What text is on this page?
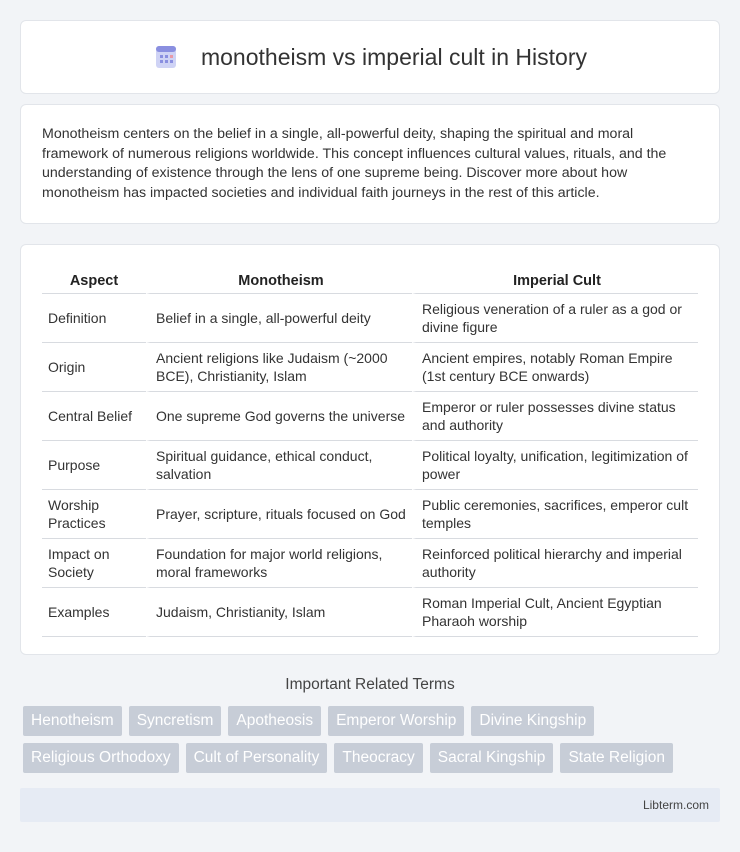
monotheism vs imperial cult in History

Monotheism centers on the belief in a single, all-powerful deity, shaping the spiritual and moral framework of numerous religions worldwide. This concept influences cultural values, rituals, and the understanding of existence through the lens of one supreme being. Discover more about how monotheism has impacted societies and individual faith journeys in the rest of this article.

Aspect	Monotheism	Imperial Cult
Definition	Belief in a single, all-powerful deity	Religious veneration of a ruler as a god or divine figure
Origin	Ancient religions like Judaism (~2000 BCE), Christianity, Islam	Ancient empires, notably Roman Empire (1st century BCE onwards)
Central Belief	One supreme God governs the universe	Emperor or ruler possesses divine status and authority
Purpose	Spiritual guidance, ethical conduct, salvation	Political loyalty, unification, legitimization of power
Worship Practices	Prayer, scripture, rituals focused on God	Public ceremonies, sacrifices, emperor cult temples
Impact on Society	Foundation for major world religions, moral frameworks	Reinforced political hierarchy and imperial authority
Examples	Judaism, Christianity, Islam	Roman Imperial Cult, Ancient Egyptian Pharaoh worship
Important Related Terms
Henotheism	Syncretism	Apotheosis	Emperor Worship	Divine Kingship
Religious Orthodoxy	Cult of Personality	Theocracy	Sacral Kingship	State Religion
Libterm.com
